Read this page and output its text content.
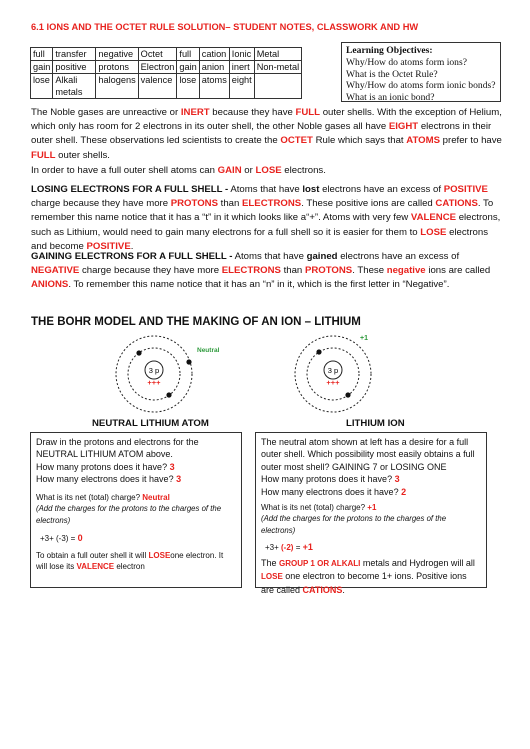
6.1 IONS AND THE OCTET RULE SOLUTION– STUDENT NOTES, CLASSWORK AND HW
full	transfer	negative	Octet	full	cation	Ionic	Metal
gain	positive	protons	Electron	gain	anion	inert	Non-metal
lose	Alkali metals	halogens	valence	lose	atoms	eight	
Learning Objectives:
Why/How do atoms form ions?
What is the Octet Rule?
Why/How do atoms form ionic bonds?
What is an ionic bond?
The Noble gases are unreactive or INERT because they have FULL outer shells. With the exception of Helium, which only has room for 2 electrons in its outer shell, the other Noble gases all have EIGHT electrons in their outer shell. These observations led scientists to create the OCTET Rule which says that ATOMS prefer to have FULL outer shells.
In order to have a full outer shell atoms can GAIN or LOSE electrons.
LOSING ELECTRONS FOR A FULL SHELL - Atoms that have lost electrons have an excess of POSITIVE charge because they have more PROTONS than ELECTRONS. These positive ions are called CATIONS. To remember this name notice that it has a “t” in it which looks like a“+”. Atoms with very few VALENCE electrons, such as Lithium, would need to gain many electrons for a full shell so it is easier for them to LOSE electrons and become POSITIVE.
GAINING ELECTRONS FOR A FULL SHELL - Atoms that have gained electrons have an excess of NEGATIVE charge because they have more ELECTRONS than PROTONS. These negative ions are called ANIONS. To remember this name notice that it has an “n” in it, which is the first letter in “Negative”.
THE BOHR MODEL AND THE MAKING OF AN ION – LITHIUM
3 p
+++
Neutral
3 p
+++
+1
NEUTRAL LITHIUM ATOM	LITHIUM ION
Draw in the protons and electrons for the NEUTRAL LITHIUM ATOM above.
How many protons does it have? 3
How many electrons does it have? 3
What is its net (total) charge? Neutral
(Add the charges for the protons to the charges of the electrons)
+3+ (-3) = 0
To obtain a full outer shell it will LOSEone electron. It will lose its VALENCE electron
The neutral atom shown at left has a desire for a full outer shell. Which possibility most easily obtains a full outer most shell? GAINING 7 or LOSING ONE
How many protons does it have? 3
How many electrons does it have? 2
What is its net (total) charge? +1
(Add the charges for the protons to the charges of the electrons)
+3+ (-2) = +1
The GROUP 1 OR ALKALI metals and Hydrogen will all LOSE one electron to become 1+ ions. Positive ions are called CATIONS.
